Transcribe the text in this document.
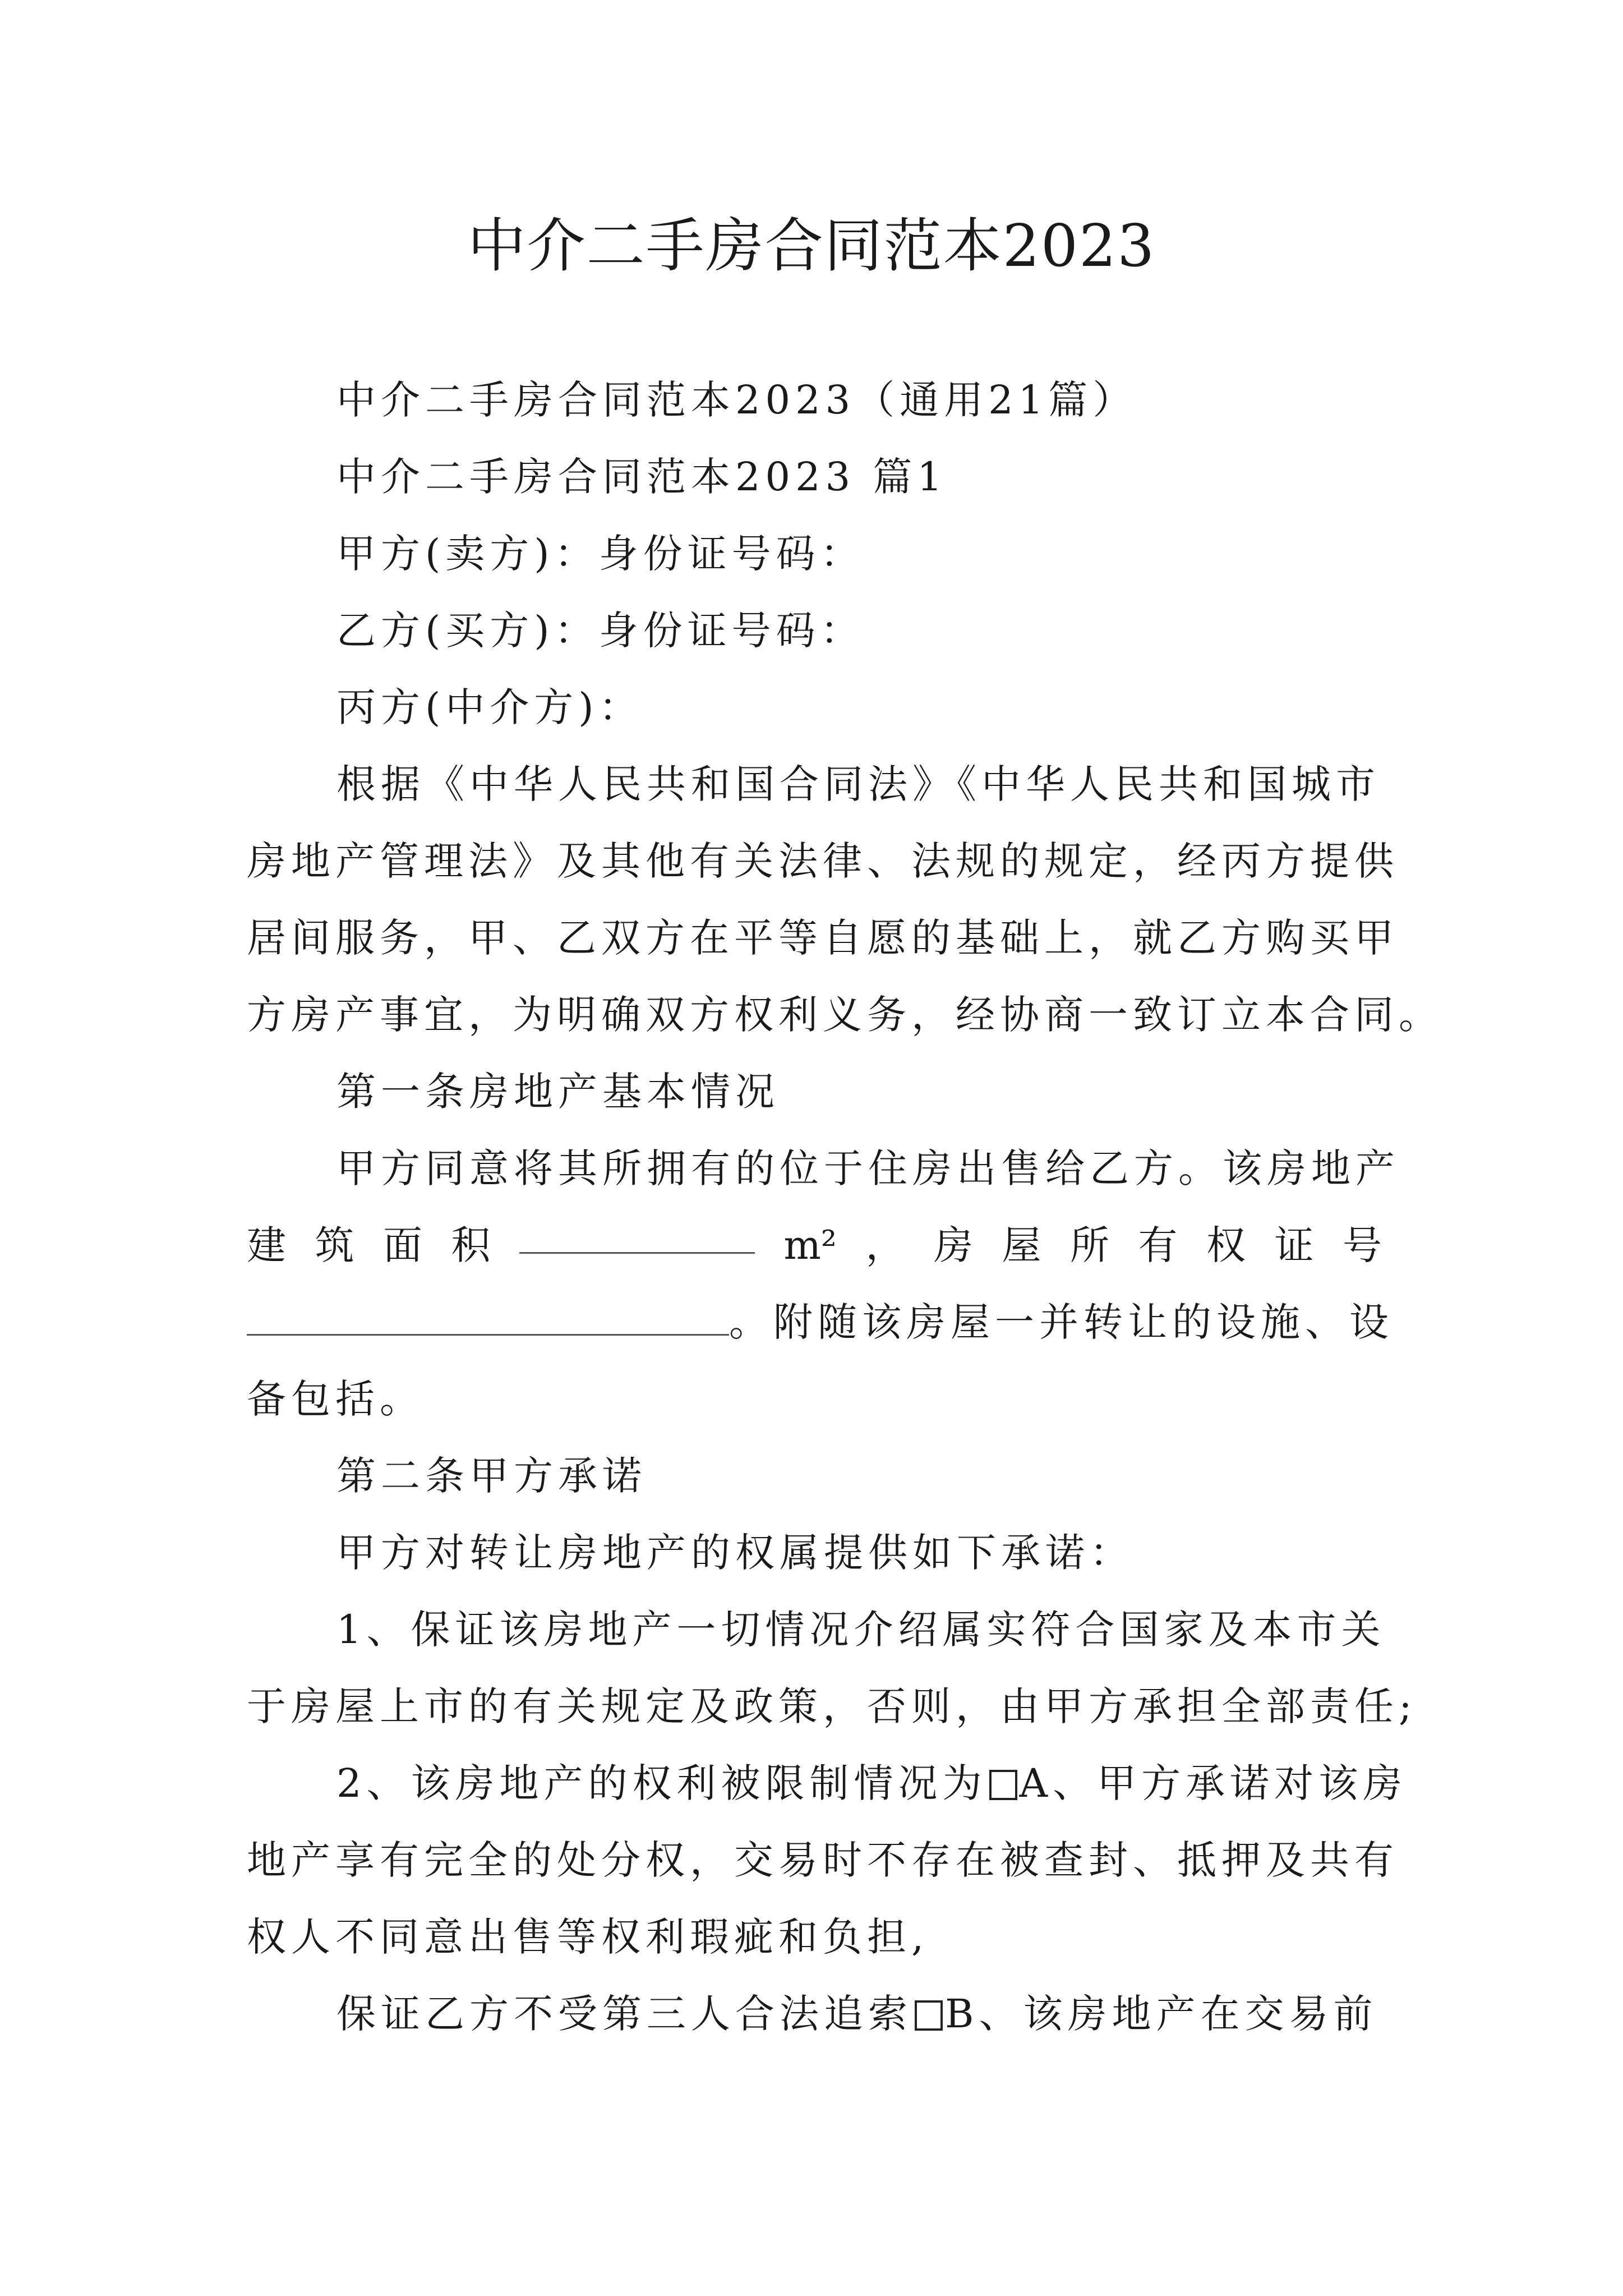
中介二手房合同范本2023

中介二手房合同范本2023（通用21篇）

中介二手房合同范本2023 篇1

甲方(卖方)：身份证号码：

乙方(买方)：身份证号码：

丙方(中介方)：

根据《中华人民共和国合同法》《中华人民共和国城市

房地产管理法》及其他有关法律、法规的规定，经丙方提供

居间服务，甲、乙双方在平等自愿的基础上，就乙方购买甲

方房产事宜，为明确双方权利义务，经协商一致订立本合同。

第一条房地产基本情况

甲方同意将其所拥有的位于住房出售给乙方。该房地产

建 筑 面 积	m² ， 房 屋 所 有 权 证 号

。附随该房屋一并转让的设施、设

备包括。

第二条甲方承诺

甲方对转让房地产的权属提供如下承诺：

1、保证该房地产一切情况介绍属实符合国家及本市关

于房屋上市的有关规定及政策，否则，由甲方承担全部责任;

2、该房地产的权利被限制情况为 A、甲方承诺对该房

地产享有完全的处分权，交易时不存在被查封、抵押及共有

权人不同意出售等权利瑕疵和负担,

保证乙方不受第三人合法追索 B、该房地产在交易前
